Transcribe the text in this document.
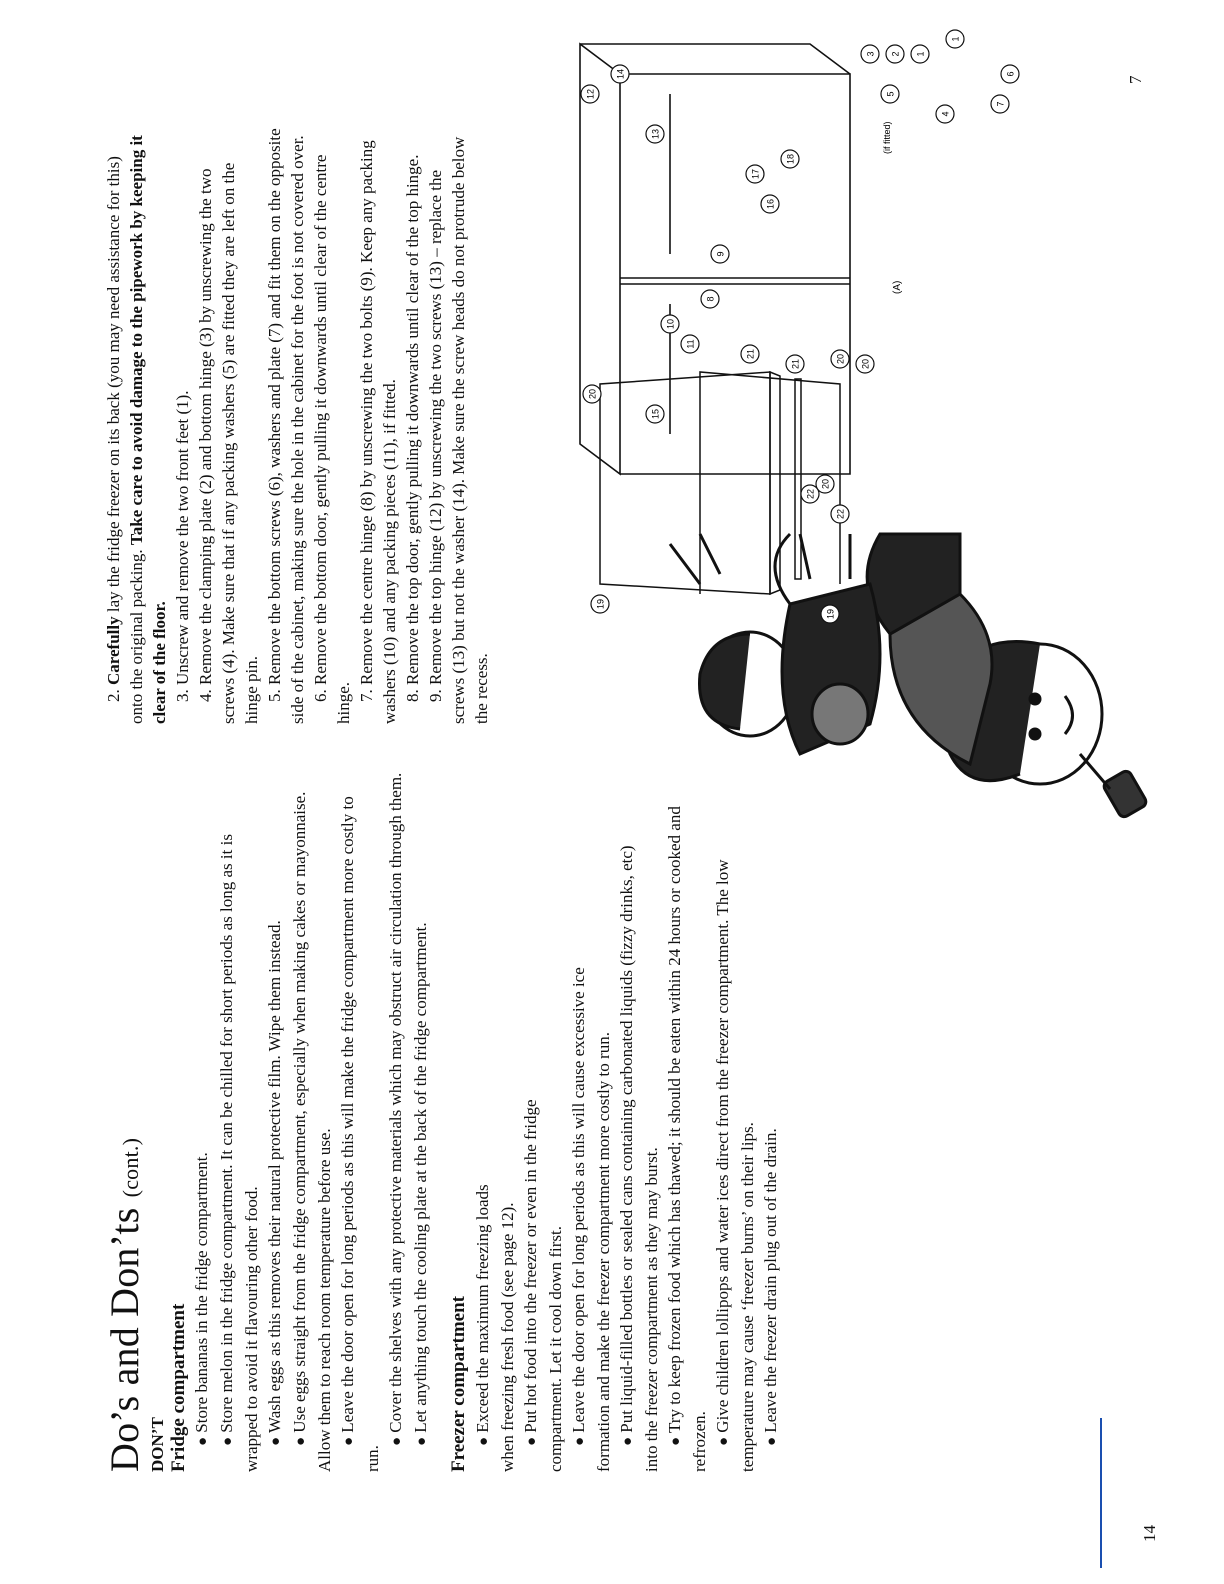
Do’s and Don’ts (cont.)

DON’T Fridge compartment ● Store bananas in the fridge compartment.

● Store melon in the fridge compartment. It can be chilled for short periods as long as it is wrapped to avoid it flavouring other food. ● Wash eggs as this removes their natural protective film. Wipe them instead.

● Use eggs straight from the fridge compartment, especially when making cakes or mayonnaise. Allow them to reach room temperature before use. ● Leave the door open for long periods as this will make the fridge compartment more costly to run.

● Cover the shelves with any protective materials which may obstruct air circulation through them.

● Let anything touch the cooling plate at the back of the fridge compartment. Freezer compartment ● Exceed the maximum freezing loads when freezing fresh food (see page 12). ● Put hot food into the freezer or even in the fridge compartment. Let it cool down first. ● Leave the door open for long periods as this will cause excessive ice formation and make the freezer compartment more costly to run. ● Put liquid-filled bottles or sealed cans containing carbonated liquids (fizzy drinks, etc) into the freezer compartment as they may burst. ● Try to keep frozen food which has thawed; it should be eaten within 24 hours or cooked and refrozen. ● Give children lollipops and water ices direct from the freezer compartment. The low temperature may cause ‘freezer burns’ on their lips. ● Leave the freezer drain plug out of the drain.

2. Carefully lay the fridge freezer on its back (you may need assistance for this) onto the original packing. Take care to avoid damage to the pipework by keeping it clear of the floor. 3. Unscrew and remove the two front feet (1). 4. Remove the clamping plate (2) and bottom hinge (3) by unscrewing the two screws (4). Make sure that if any packing washers (5) are fitted they are left on the hinge pin. 5. Remove the bottom screws (6), washers and plate (7) and fit them on the opposite side of the cabinet, making sure the hole in the cabinet for the foot is not covered over. 6. Remove the bottom door, gently pulling it downwards until clear of the centre hinge.

7. Remove the centre hinge (8) by unscrewing the two bolts (9). Keep any packing washers (10) and any packing pieces (11), if fitted. 8. Remove the top door, gently pulling it downwards until clear of the top hinge. 9. Remove the top hinge (12) by unscrewing the two screws (13) – replace the screws (13) but not the washer (14). Make sure the screw heads do not protrude below the recess.

19
20
21
22
20
21
22
20
19
20
(A)
(if fitted)
12
14
13
15
10
11
8
9
16
17
18
5
3 2 1
4
1
7
6
14
7
